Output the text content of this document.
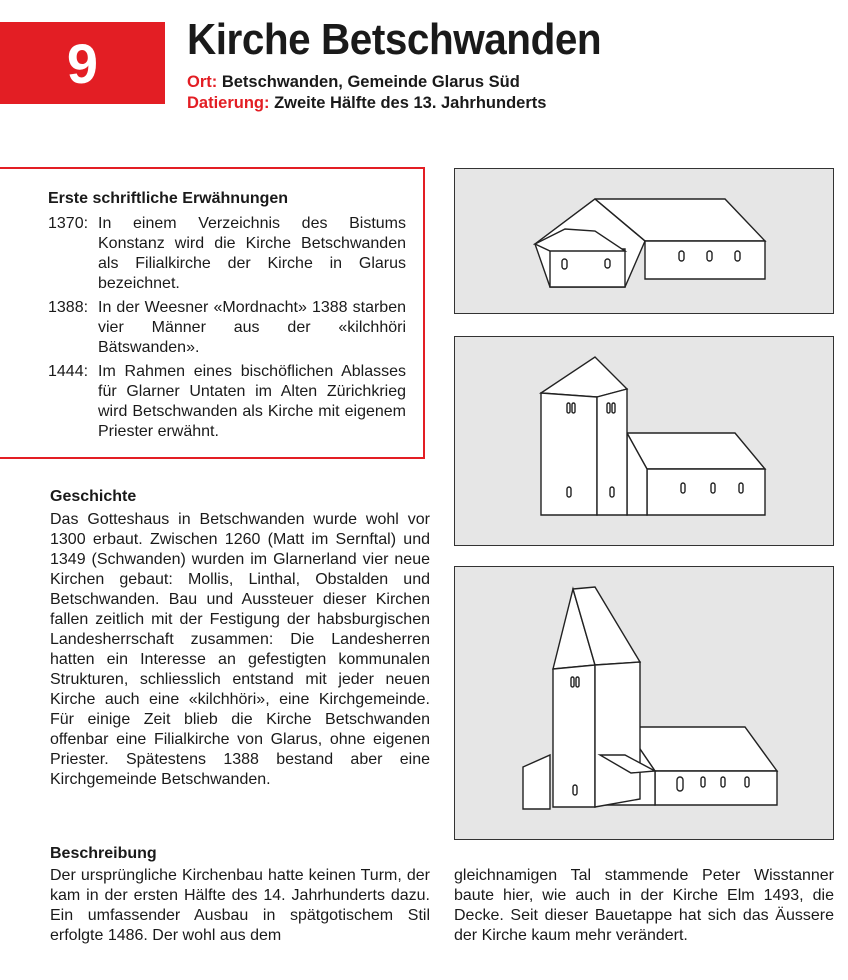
9 Kirche Betschwanden
Ort: Betschwanden, Gemeinde Glarus Süd
Datierung: Zweite Hälfte des 13. Jahrhunderts
Erste schriftliche Erwähnungen
1370: In einem Verzeichnis des Bistums Konstanz wird die Kirche Betschwanden als Filialkirche der Kirche in Glarus bezeichnet.
1388: In der Weesner «Mordnacht» 1388 starben vier Männer aus der «kilchhöri Bätswanden».
1444: Im Rahmen eines bischöflichen Ablasses für Glarner Untaten im Alten Zürichkrieg wird Betschwanden als Kirche mit eigenem Priester erwähnt.
Geschichte

Das Gotteshaus in Betschwanden wurde wohl vor 1300 erbaut. Zwischen 1260 (Matt im Sernftal) und 1349 (Schwanden) wurden im Glarnerland vier neue Kirchen gebaut: Mollis, Linthal, Obstalden und Betschwanden. Bau und Aussteuer dieser Kirchen fallen zeitlich mit der Festigung der habsburgischen Landesherrschaft zusammen: Die Landesherren hatten ein Interesse an gefestigten kommunalen Strukturen, schliesslich entstand mit jeder neuen Kirche auch eine «kilchhöri», eine Kirchgemeinde. Für einige Zeit blieb die Kirche Betschwanden offenbar eine Filialkirche von Glarus, ohne eigenen Priester. Spätestens 1388 bestand aber eine Kirchgemeinde Betschwanden.

Beschreibung

Der ursprüngliche Kirchenbau hatte keinen Turm, der kam in der ersten Hälfte des 14. Jahrhunderts dazu. Ein umfassender Ausbau in spätgotischem Stil erfolgte 1486. Der wohl aus dem

gleichnamigen Tal stammende Peter Wisstanner baute hier, wie auch in der Kirche Elm 1493, die Decke. Seit dieser Bauetappe hat sich das Äussere der Kirche kaum mehr verändert.
